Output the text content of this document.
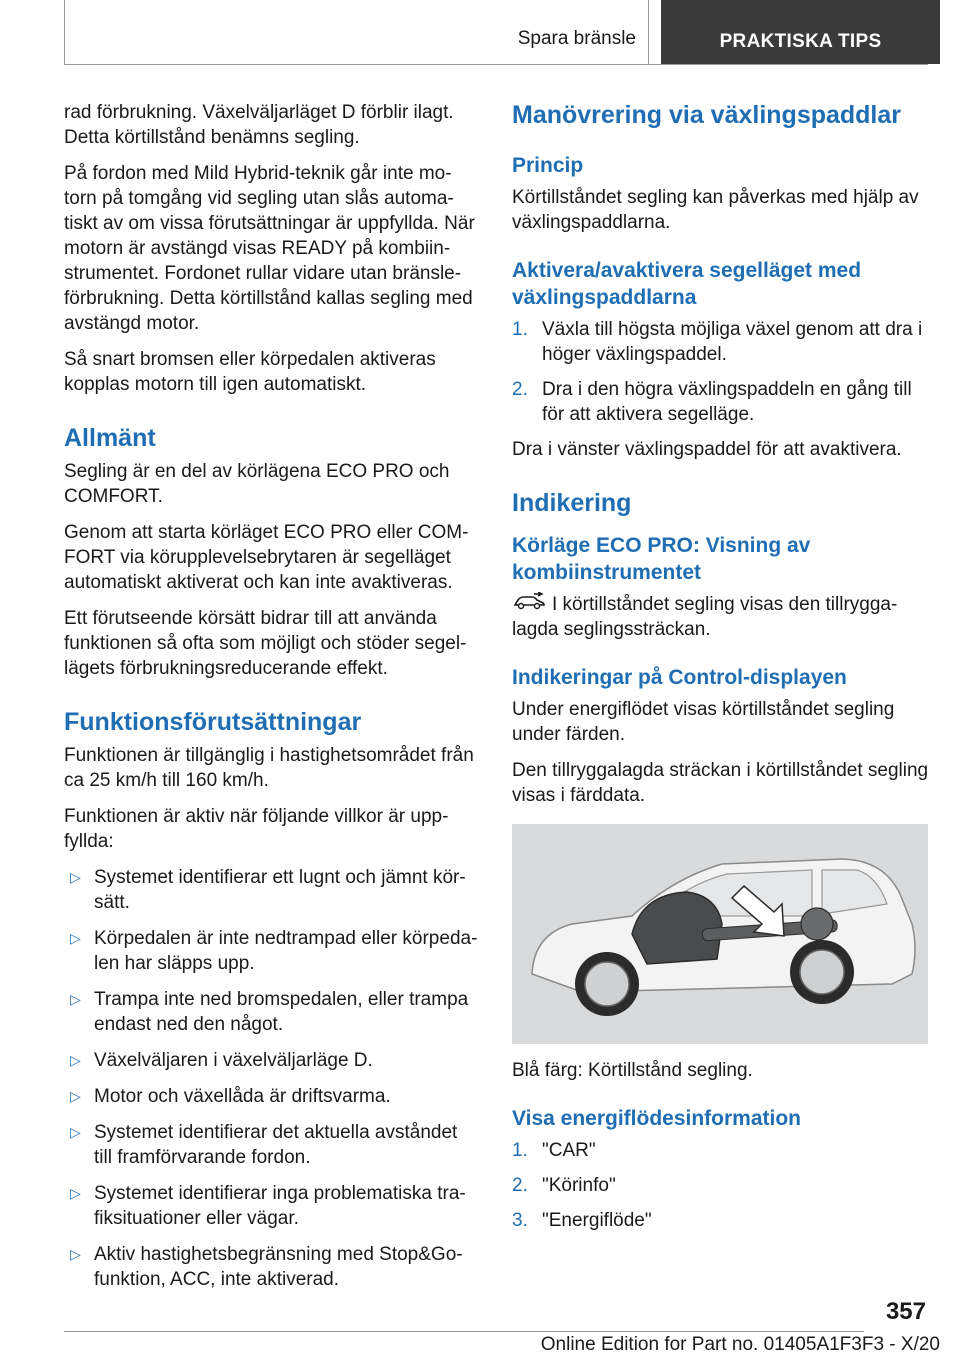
Spara bränsle	PRAKTISKA TIPS

rad förbrukning. Växelväljarläget D förblir ilagt. Detta körtillstånd benämns segling.

På fordon med Mild Hybrid-teknik går inte mo-torn på tomgång vid segling utan slås automa-tiskt av om vissa förutsättningar är uppfyllda. När motorn är avstängd visas READY på kombiin-strumentet. Fordonet rullar vidare utan bränsle-förbrukning. Detta körtillstånd kallas segling med avstängd motor.

Så snart bromsen eller körpedalen aktiveras kopplas motorn till igen automatiskt.

Allmänt

Segling är en del av körlägena ECO PRO och COMFORT.

Genom att starta körläget ECO PRO eller COM-FORT via körupplevelsebrytaren är segelläget automatiskt aktiverat och kan inte avaktiveras.

Ett förutseende körsätt bidrar till att använda funktionen så ofta som möjligt och stöder segel-lägets förbrukningsreducerande effekt.

Funktionsförutsättningar

Funktionen är tillgänglig i hastighetsområdet från ca 25 km/h till 160 km/h.

Funktionen är aktiv när följande villkor är upp-fyllda:

▷ Systemet identifierar ett lugnt och jämnt kör-sätt.
▷ Körpedalen är inte nedtrampad eller körpeda-len har släpps upp.
▷ Trampa inte ned bromspedalen, eller trampa endast ned den något.
▷ Växelväljaren i växelväljarläge D.
▷ Motor och växellåda är driftsvarma.
▷ Systemet identifierar det aktuella avståndet till framförvarande fordon.
▷ Systemet identifierar inga problematiska tra-fiksituationer eller vägar.
▷ Aktiv hastighetsbegränsning med Stop&Go-funktion, ACC, inte aktiverad.
Manövrering via växlingspaddlar
Princip

Körtillståndet segling kan påverkas med hjälp av växlingspaddlarna.

Aktivera/avaktivera segelläget med växlingspaddlarna
1. Växla till högsta möjliga växel genom att dra i höger växlingspaddel.
2. Dra i den högra växlingspaddeln en gång till för att aktivera segelläge.

Dra i vänster växlingspaddel för att avaktivera.

Indikering
Körläge ECO PRO: Visning av kombiinstrumentet

I körtillståndet segling visas den tillrygga-lagda seglingssträckan.

Indikeringar på Control-displayen

Under energiflödet visas körtillståndet segling under färden.

Den tillryggalagda sträckan i körtillståndet segling visas i färddata.

Blå färg: Körtillstånd segling.

Visa energiflödesinformation
1. "CAR"
2. "Körinfo"
3. "Energiflöde"
357
Online Edition for Part no. 01405A1F3F3 - X/20
